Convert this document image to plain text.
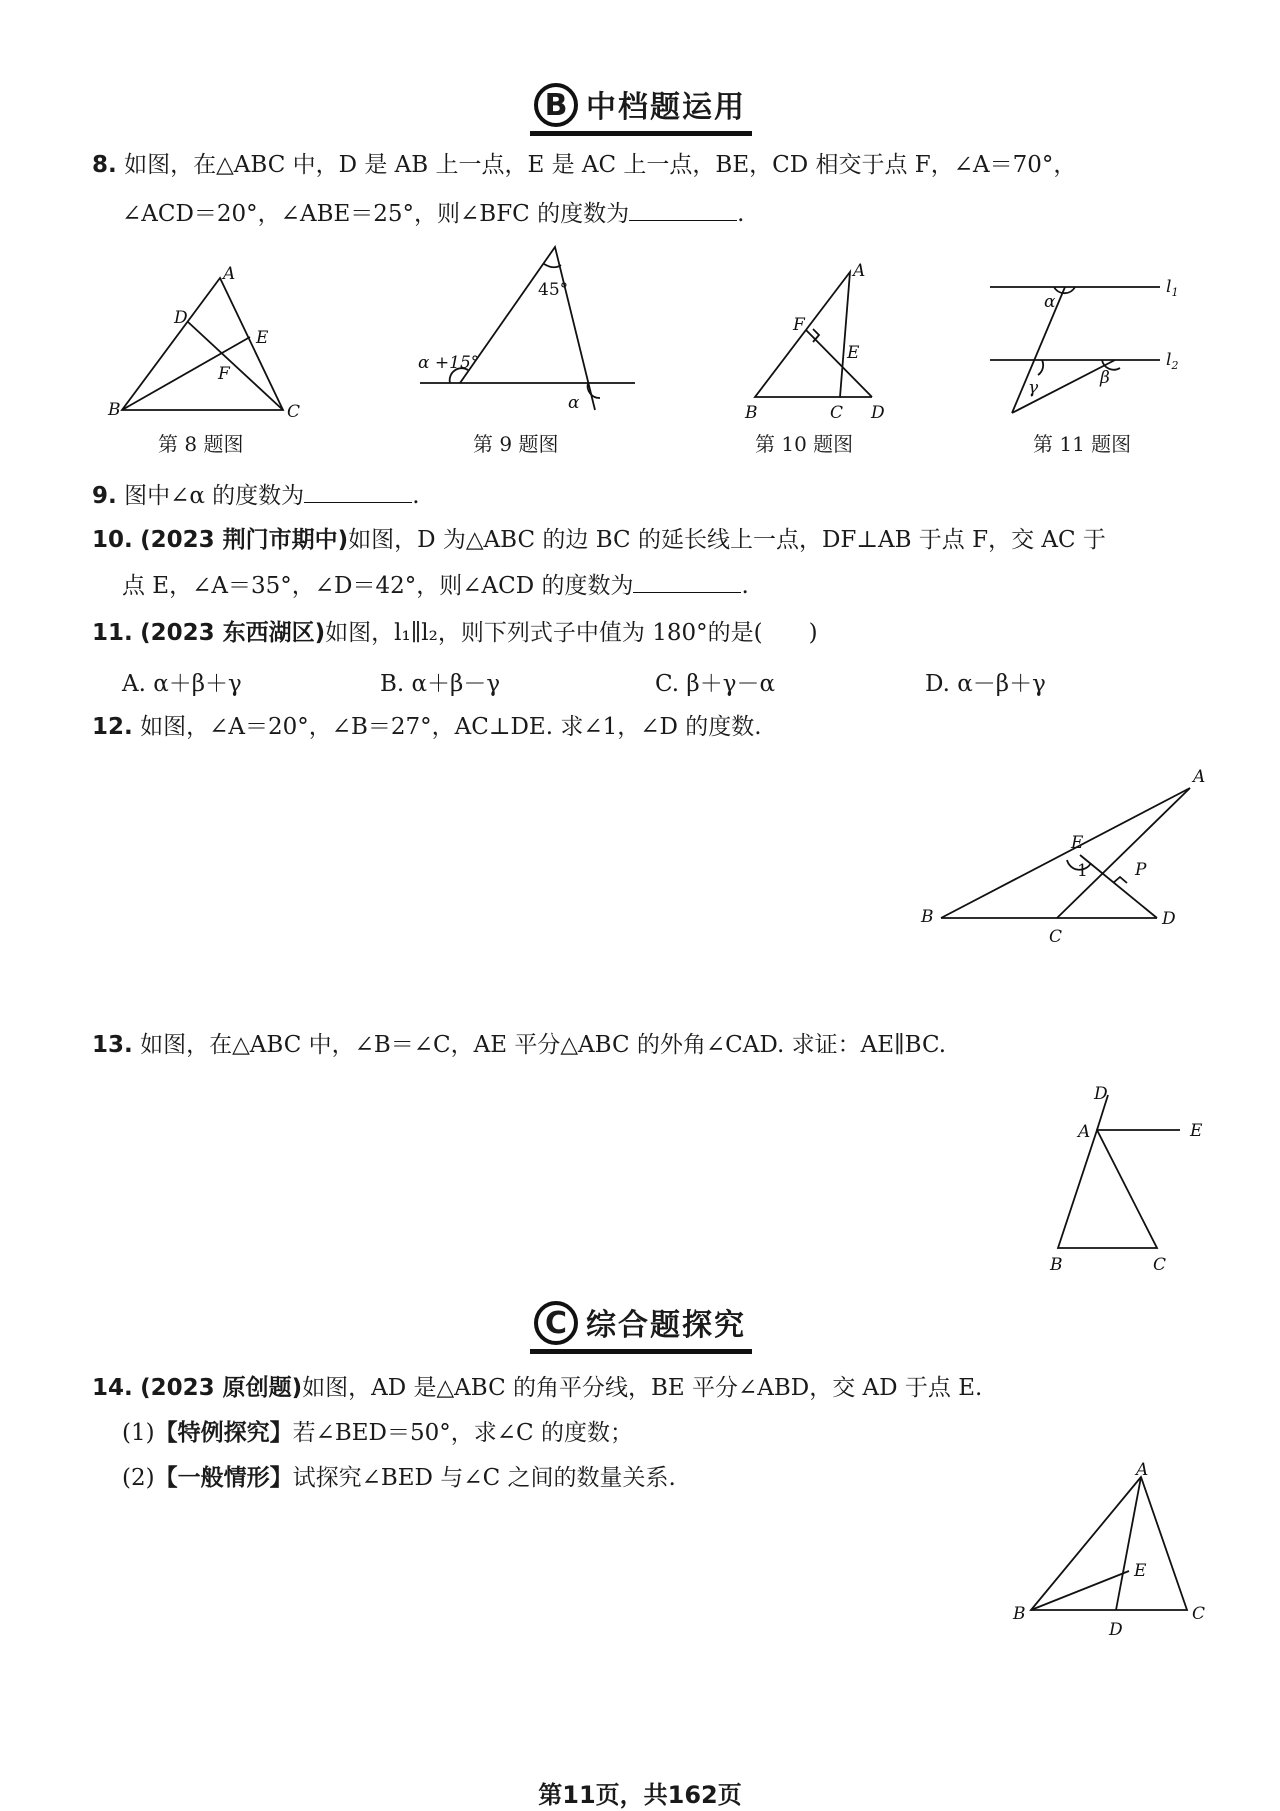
B 中档题运用
8. 如图，在△ABC 中，D 是 AB 上一点，E 是 AC 上一点，BE，CD 相交于点 F，∠A＝70°，
∠ACD＝20°，∠ABE＝25°，则∠BFC 的度数为	.
A
B	C
D
E
F
第 8 题图
45°
α +15°
α
第 9 题图
A
B	C D
E
F
第 10 题图
$l_1$
$l_2$
α
β
γ
第 11 题图
9. 图中∠α 的度数为	.
10. (2023 荆门市期中)如图，D 为△ABC 的边 BC 的延长线上一点，DF⊥AB 于点 F，交 AC 于
点 E，∠A＝35°，∠D＝42°，则∠ACD 的度数为	.
11. (2023 东西湖区)如图，l₁∥l₂，则下列式子中值为 180°的是(　　)
A. α＋β＋γ	B. α＋β－γ	C. β＋γ－α	D. α－β＋γ
12. 如图，∠A＝20°，∠B＝27°，AC⊥DE. 求∠1，∠D 的度数.
A
B
C
D
E
P
1
13. 如图，在△ABC 中，∠B＝∠C，AE 平分△ABC 的外角∠CAD. 求证：AE∥BC.
D
A	E
B	C
C 综合题探究
14. (2023 原创题)如图，AD 是△ABC 的角平分线，BE 平分∠ABD，交 AD 于点 E.
(1)【特例探究】若∠BED＝50°，求∠C 的度数；
(2)【一般情形】试探究∠BED 与∠C 之间的数量关系.	A
B	C
D
E
第11页，共162页
